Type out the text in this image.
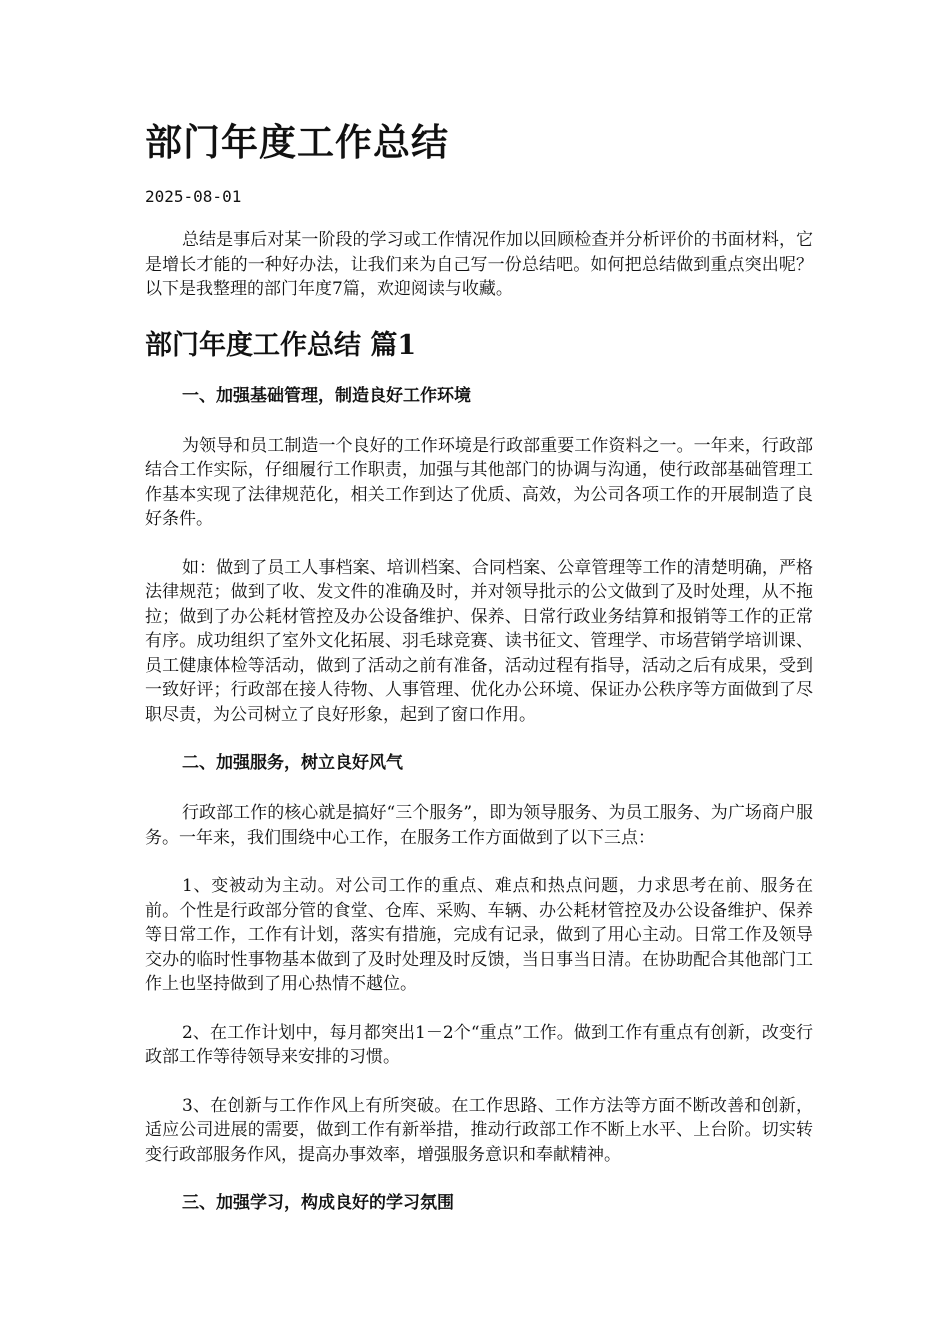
部门年度工作总结
2025-08-01

总结是事后对某一阶段的学习或工作情况作加以回顾检查并分析评价的书面材料，它是增长才能的一种好办法，让我们来为自己写一份总结吧。如何把总结做到重点突出呢？以下是我整理的部门年度7篇，欢迎阅读与收藏。

部门年度工作总结 篇1
一、加强基础管理，制造良好工作环境

为领导和员工制造一个良好的工作环境是行政部重要工作资料之一。一年来，行政部结合工作实际，仔细履行工作职责，加强与其他部门的协调与沟通，使行政部基础管理工作基本实现了法律规范化，相关工作到达了优质、高效，为公司各项工作的开展制造了良好条件。

如：做到了员工人事档案、培训档案、合同档案、公章管理等工作的清楚明确，严格法律规范；做到了收、发文件的准确及时，并对领导批示的公文做到了及时处理，从不拖拉；做到了办公耗材管控及办公设备维护、保养、日常行政业务结算和报销等工作的正常有序。成功组织了室外文化拓展、羽毛球竞赛、读书征文、管理学、市场营销学培训课、员工健康体检等活动，做到了活动之前有准备，活动过程有指导，活动之后有成果，受到一致好评；行政部在接人待物、人事管理、优化办公环境、保证办公秩序等方面做到了尽职尽责，为公司树立了良好形象，起到了窗口作用。

二、加强服务，树立良好风气

行政部工作的核心就是搞好“三个服务”，即为领导服务、为员工服务、为广场商户服务。一年来，我们围绕中心工作，在服务工作方面做到了以下三点：

1、变被动为主动。对公司工作的重点、难点和热点问题，力求思考在前、服务在前。个性是行政部分管的食堂、仓库、采购、车辆、办公耗材管控及办公设备维护、保养等日常工作，工作有计划，落实有措施，完成有记录，做到了用心主动。日常工作及领导交办的临时性事物基本做到了及时处理及时反馈，当日事当日清。在协助配合其他部门工作上也坚持做到了用心热情不越位。

2、在工作计划中，每月都突出1－2个“重点”工作。做到工作有重点有创新，改变行政部工作等待领导来安排的习惯。

3、在创新与工作作风上有所突破。在工作思路、工作方法等方面不断改善和创新，适应公司进展的需要，做到工作有新举措，推动行政部工作不断上水平、上台阶。切实转变行政部服务作风，提高办事效率，增强服务意识和奉献精神。

三、加强学习，构成良好的学习氛围
